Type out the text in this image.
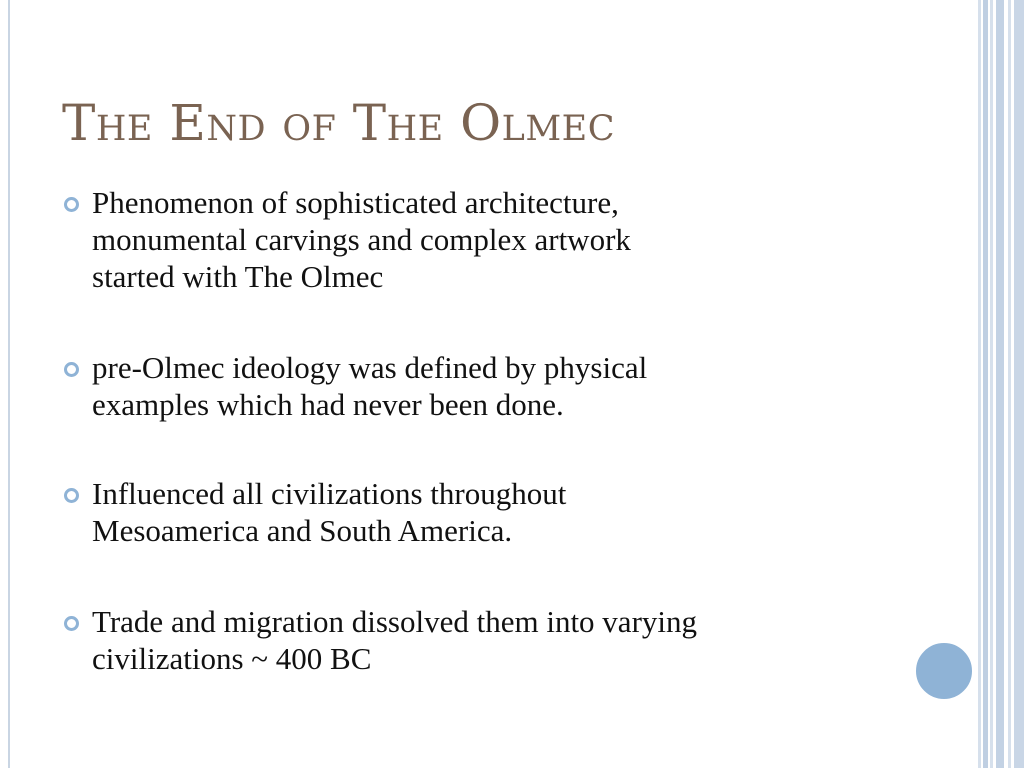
The End of The Olmec
Phenomenon of sophisticated architecture,
monumental carvings and complex artwork
started with The Olmec
pre-Olmec ideology was defined by physical
examples which had never been done.
Influenced all civilizations throughout
Mesoamerica and South America.
Trade and migration dissolved them into varying
civilizations ~ 400 BC
